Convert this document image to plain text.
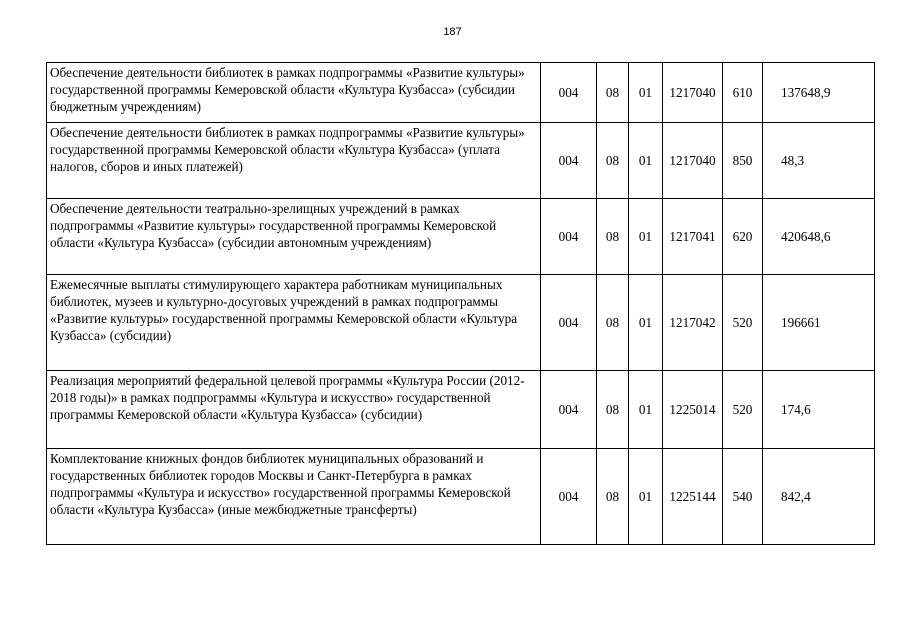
187
Обеспечение деятельности библиотек в рамках подпрограммы «Развитие культуры» государственной программы Кемеровской области «Культура Кузбасса» (субсидии бюджетным учреждениям)	004	08	01	1217040	610	137648,9
Обеспечение деятельности библиотек в рамках подпрограммы «Развитие культуры» государственной программы Кемеровской области «Культура Кузбасса» (уплата налогов, сборов и иных платежей)	004	08	01	1217040	850	48,3
Обеспечение деятельности театрально-зрелищных учреждений в рамках подпрограммы «Развитие культуры» государственной программы Кемеровской области «Культура Кузбасса» (субсидии автономным учреждениям)	004	08	01	1217041	620	420648,6
Ежемесячные выплаты стимулирующего характера работникам муниципальных библиотек, музеев и культурно-досуговых учреждений в рамках подпрограммы «Развитие культуры» государственной программы Кемеровской области «Культура Кузбасса» (субсидии)	004	08	01	1217042	520	196661
Реализация мероприятий федеральной целевой программы «Культура России (2012-2018 годы)» в рамках подпрограммы «Культура и искусство» государственной программы Кемеровской области «Культура Кузбасса» (субсидии)	004	08	01	1225014	520	174,6
Комплектование книжных фондов библиотек муниципальных образований и государственных библиотек городов Москвы и Санкт-Петербурга в рамках подпрограммы «Культура и искусство» государственной программы Кемеровской области «Культура Кузбасса» (иные межбюджетные трансферты)	004	08	01	1225144	540	842,4
